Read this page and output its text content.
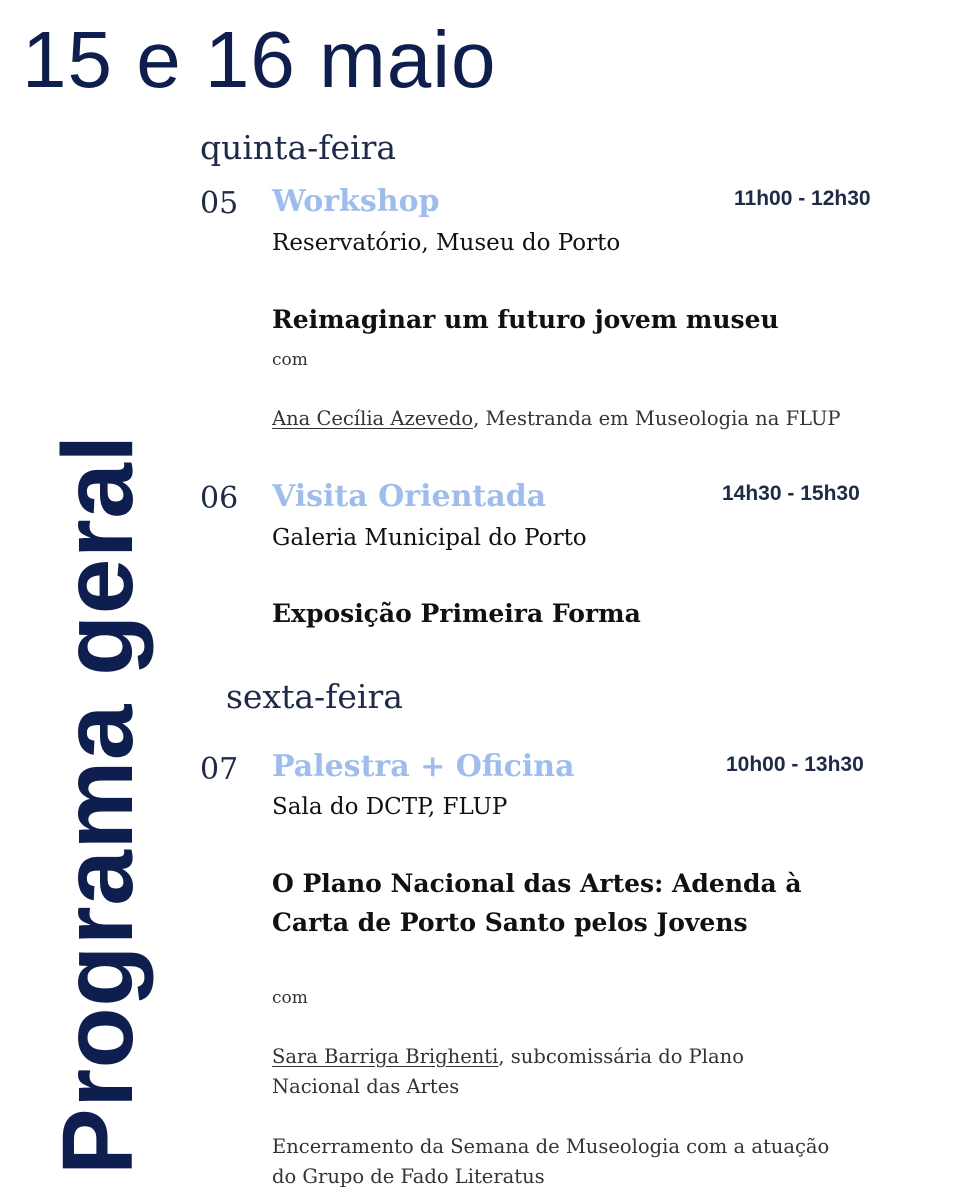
15 e 16 maio
Programa geral
quinta-feira
05 Workshop	11h00 - 12h30
Reservatório, Museu do Porto
Reimaginar um futuro jovem museu
com
Ana Cecília Azevedo, Mestranda em Museologia na FLUP
06 Visita Orientada	14h30 - 15h30
Galeria Municipal do Porto
Exposição Primeira Forma
sexta-feira
07 Palestra + Oficina	10h00 - 13h30
Sala do DCTP, FLUP
O Plano Nacional das Artes: Adenda à Carta de Porto Santo pelos Jovens
com
Sara Barriga Brighenti, subcomissária do Plano Nacional das Artes
Encerramento da Semana de Museologia com a atuação do Grupo de Fado Literatus
